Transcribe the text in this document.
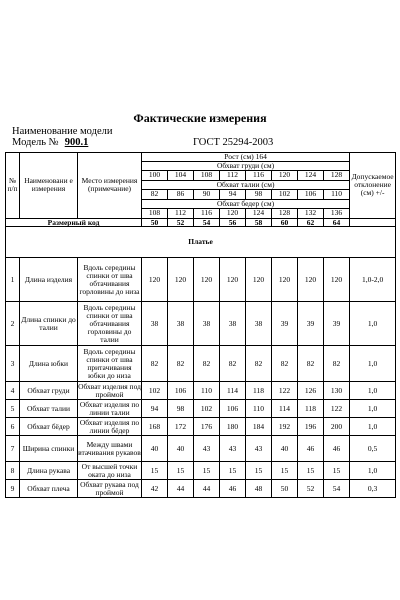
Фактические измерения
Наименование модели
Модель № 900.1	ГОСТ 25294-2003
№ п/п	Наименовани е измерения	Место измерения (примечание)	Рост (см) 164								Допускаемое отклонение (см) +/-
			Обхват груди (см)								
			100	104	108	112	116	120	124	128	
			Обхват талии (см)								
			82	86	90	94	98	102	106	110	
			Обхват бедер (см)								
			108	112	116	120	124	128	132	136	
Размерный код			50	52	54	56	58	60	62	64	
Платье											
1	Длина изделия	Вдоль середины спинки от шва обтачивания горловины до низа	120	120	120	120	120	120	120	120	1,0-2,0
2	Длина спинки до талии	Вдоль середины спинки от шва обтачивания горловины до талии	38	38	38	38	38	39	39	39	1,0
3	Длина юбки	Вдоль середины спинки от шва притачивания юбки до низа	82	82	82	82	82	82	82	82	1,0
4	Обхват груди	Обхват изделия под проймой	102	106	110	114	118	122	126	130	1,0
5	Обхват талии	Обхват изделия по линии талии	94	98	102	106	110	114	118	122	1,0
6	Обхват бёдер	Обхват изделия по линии бёдер	168	172	176	180	184	192	196	200	1,0
7	Ширина спинки	Между швами втачивания рукавов	40	40	43	43	43	40	46	46	0,5
8	Длина рукава	От высшей точки оката до низа	15	15	15	15	15	15	15	15	1,0
9	Обхват плеча	Обхват рукава под проймой	42	44	44	46	48	50	52	54	0,3
